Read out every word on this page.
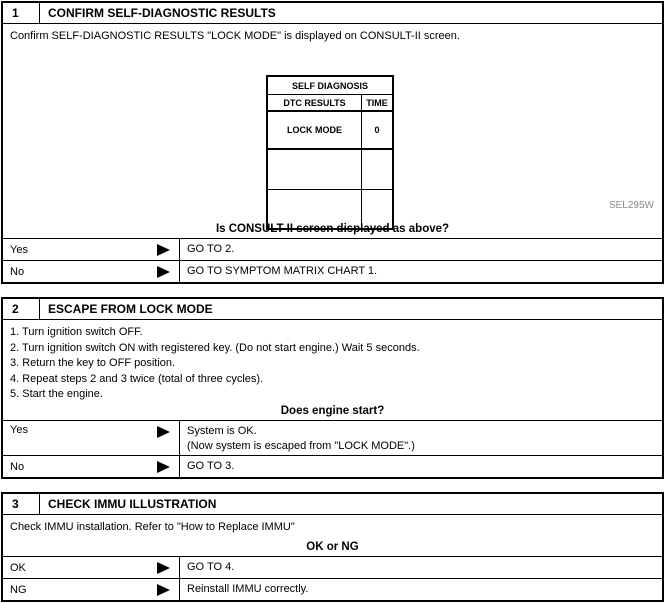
1	CONFIRM SELF-DIAGNOSTIC RESULTS
Confirm SELF-DIAGNOSTIC RESULTS "LOCK MODE" is displayed on CONSULT-II screen.
SELF DIAGNOSIS
DTC RESULTS	TIME
LOCK MODE	0
SEL295W
Is CONSULT-II screen displayed as above?
Yes	GO TO 2.
No	GO TO SYMPTOM MATRIX CHART 1.
2	ESCAPE FROM LOCK MODE
1. Turn ignition switch OFF.
2. Turn ignition switch ON with registered key. (Do not start engine.) Wait 5 seconds.
3. Return the key to OFF position.
4. Repeat steps 2 and 3 twice (total of three cycles).
5. Start the engine.
Does engine start?
Yes	System is OK.
(Now system is escaped from "LOCK MODE".)
No	GO TO 3.
3	CHECK IMMU ILLUSTRATION
Check IMMU installation. Refer to "How to Replace IMMU"
OK or NG
OK	GO TO 4.
NG	Reinstall IMMU correctly.
